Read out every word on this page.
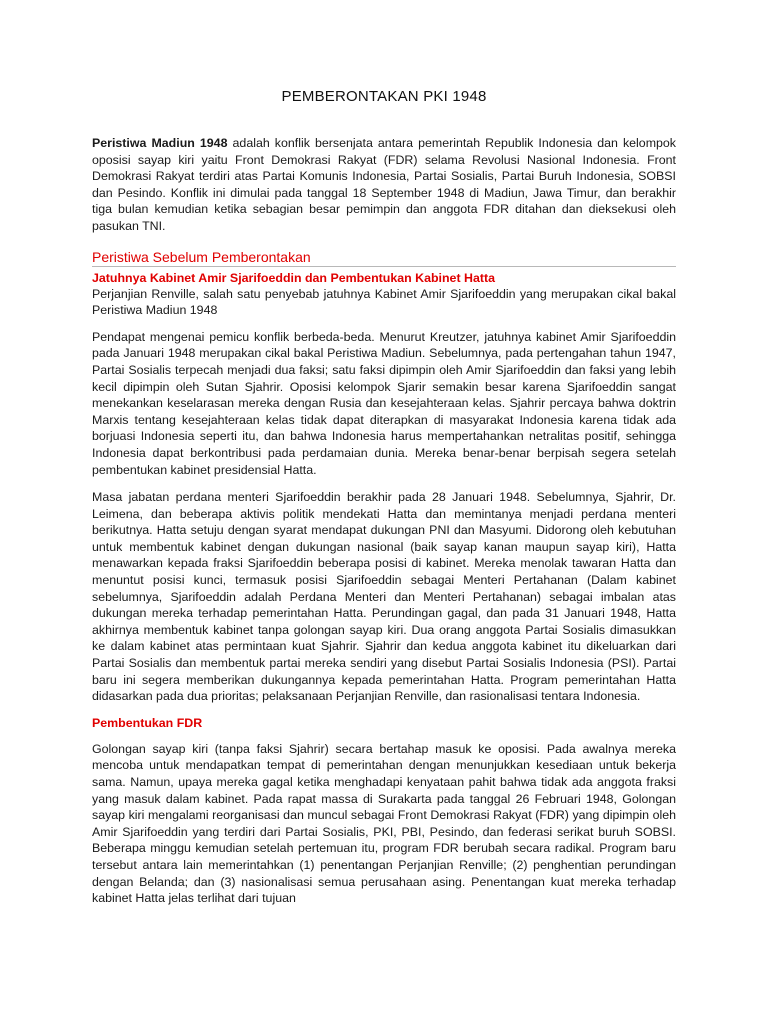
PEMBERONTAKAN PKI 1948

Peristiwa Madiun 1948 adalah konflik bersenjata antara pemerintah Republik Indonesia dan kelompok oposisi sayap kiri yaitu Front Demokrasi Rakyat (FDR) selama Revolusi Nasional Indonesia. Front Demokrasi Rakyat terdiri atas Partai Komunis Indonesia, Partai Sosialis, Partai Buruh Indonesia, SOBSI dan Pesindo. Konflik ini dimulai pada tanggal 18 September 1948 di Madiun, Jawa Timur, dan berakhir tiga bulan kemudian ketika sebagian besar pemimpin dan anggota FDR ditahan dan dieksekusi oleh pasukan TNI.

Peristiwa Sebelum Pemberontakan
Jatuhnya Kabinet Amir Sjarifoeddin dan Pembentukan Kabinet Hatta

Perjanjian Renville, salah satu penyebab jatuhnya Kabinet Amir Sjarifoeddin yang merupakan cikal bakal Peristiwa Madiun 1948

Pendapat mengenai pemicu konflik berbeda-beda. Menurut Kreutzer, jatuhnya kabinet Amir Sjarifoeddin pada Januari 1948 merupakan cikal bakal Peristiwa Madiun. Sebelumnya, pada pertengahan tahun 1947, Partai Sosialis terpecah menjadi dua faksi; satu faksi dipimpin oleh Amir Sjarifoeddin dan faksi yang lebih kecil dipimpin oleh Sutan Sjahrir. Oposisi kelompok Sjarir semakin besar karena Sjarifoeddin sangat menekankan keselarasan mereka dengan Rusia dan kesejahteraan kelas. Sjahrir percaya bahwa doktrin Marxis tentang kesejahteraan kelas tidak dapat diterapkan di masyarakat Indonesia karena tidak ada borjuasi Indonesia seperti itu, dan bahwa Indonesia harus mempertahankan netralitas positif, sehingga Indonesia dapat berkontribusi pada perdamaian dunia. Mereka benar-benar berpisah segera setelah pembentukan kabinet presidensial Hatta.

Masa jabatan perdana menteri Sjarifoeddin berakhir pada 28 Januari 1948. Sebelumnya, Sjahrir, Dr. Leimena, dan beberapa aktivis politik mendekati Hatta dan memintanya menjadi perdana menteri berikutnya. Hatta setuju dengan syarat mendapat dukungan PNI dan Masyumi. Didorong oleh kebutuhan untuk membentuk kabinet dengan dukungan nasional (baik sayap kanan maupun sayap kiri), Hatta menawarkan kepada fraksi Sjarifoeddin beberapa posisi di kabinet. Mereka menolak tawaran Hatta dan menuntut posisi kunci, termasuk posisi Sjarifoeddin sebagai Menteri Pertahanan (Dalam kabinet sebelumnya, Sjarifoeddin adalah Perdana Menteri dan Menteri Pertahanan) sebagai imbalan atas dukungan mereka terhadap pemerintahan Hatta. Perundingan gagal, dan pada 31 Januari 1948, Hatta akhirnya membentuk kabinet tanpa golongan sayap kiri. Dua orang anggota Partai Sosialis dimasukkan ke dalam kabinet atas permintaan kuat Sjahrir. Sjahrir dan kedua anggota kabinet itu dikeluarkan dari Partai Sosialis dan membentuk partai mereka sendiri yang disebut Partai Sosialis Indonesia (PSI). Partai baru ini segera memberikan dukungannya kepada pemerintahan Hatta. Program pemerintahan Hatta didasarkan pada dua prioritas; pelaksanaan Perjanjian Renville, dan rasionalisasi tentara Indonesia.

Pembentukan FDR

Golongan sayap kiri (tanpa faksi Sjahrir) secara bertahap masuk ke oposisi. Pada awalnya mereka mencoba untuk mendapatkan tempat di pemerintahan dengan menunjukkan kesediaan untuk bekerja sama. Namun, upaya mereka gagal ketika menghadapi kenyataan pahit bahwa tidak ada anggota fraksi yang masuk dalam kabinet. Pada rapat massa di Surakarta pada tanggal 26 Februari 1948, Golongan sayap kiri mengalami reorganisasi dan muncul sebagai Front Demokrasi Rakyat (FDR) yang dipimpin oleh Amir Sjarifoeddin yang terdiri dari Partai Sosialis, PKI, PBI, Pesindo, dan federasi serikat buruh SOBSI. Beberapa minggu kemudian setelah pertemuan itu, program FDR berubah secara radikal. Program baru tersebut antara lain memerintahkan (1) penentangan Perjanjian Renville; (2) penghentian perundingan dengan Belanda; dan (3) nasionalisasi semua perusahaan asing. Penentangan kuat mereka terhadap kabinet Hatta jelas terlihat dari tujuan
